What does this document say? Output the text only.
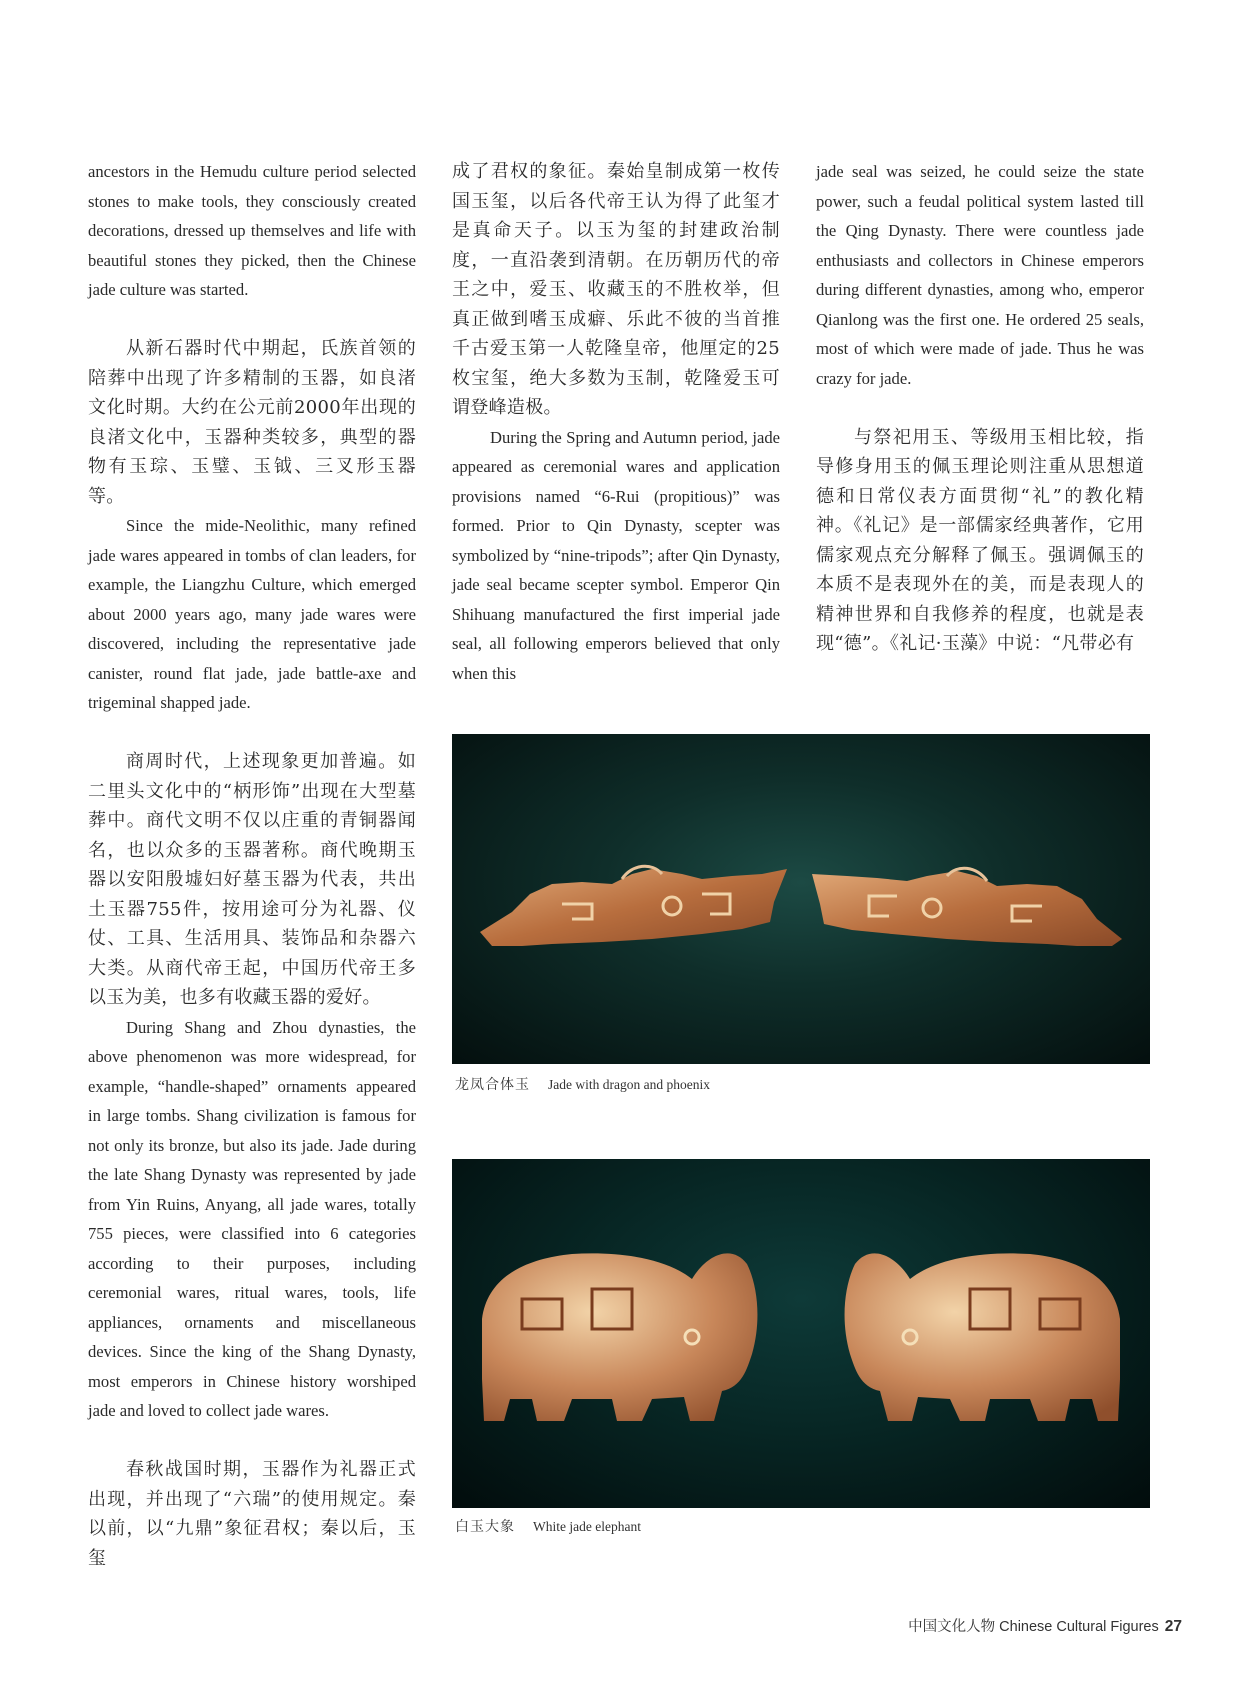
ancestors in the Hemudu culture period selected stones to make tools, they consciously created decorations, dressed up themselves and life with beautiful stones they picked, then the Chinese jade culture was started.

从新石器时代中期起，氏族首领的陪葬中出现了许多精制的玉器，如良渚文化时期。大约在公元前2000年出现的良渚文化中，玉器种类较多，典型的器物有玉琮、玉璧、玉钺、三叉形玉器等。

Since the mide-Neolithic, many refined jade wares appeared in tombs of clan leaders, for example, the Liangzhu Culture, which emerged about 2000 years ago, many jade wares were discovered, including the representative jade canister, round flat jade, jade battle-axe and trigeminal shapped jade.

商周时代，上述现象更加普遍。如二里头文化中的“柄形饰”出现在大型墓葬中。商代文明不仅以庄重的青铜器闻名，也以众多的玉器著称。商代晚期玉器以安阳殷墟妇好墓玉器为代表，共出土玉器755件，按用途可分为礼器、仪仗、工具、生活用具、装饰品和杂器六大类。从商代帝王起，中国历代帝王多以玉为美，也多有收藏玉器的爱好。

During Shang and Zhou dynasties, the above phenomenon was more widespread, for example, “handle-shaped” ornaments appeared in large tombs. Shang civilization is famous for not only its bronze, but also its jade. Jade during the late Shang Dynasty was represented by jade from Yin Ruins, Anyang, all jade wares, totally 755 pieces, were classified into 6 categories according to their purposes, including ceremonial wares, ritual wares, tools, life appliances, ornaments and miscellaneous devices. Since the king of the Shang Dynasty, most emperors in Chinese history worshiped jade and loved to collect jade wares.

春秋战国时期，玉器作为礼器正式出现，并出现了“六瑞”的使用规定。秦以前，以“九鼎”象征君权；秦以后，玉玺

成了君权的象征。秦始皇制成第一枚传国玉玺，以后各代帝王认为得了此玺才是真命天子。以玉为玺的封建政治制度，一直沿袭到清朝。在历朝历代的帝王之中，爱玉、收藏玉的不胜枚举，但真正做到嗜玉成癖、乐此不彼的当首推千古爱玉第一人乾隆皇帝，他厘定的25枚宝玺，绝大多数为玉制，乾隆爱玉可谓登峰造极。

During the Spring and Autumn period, jade appeared as ceremonial wares and application provisions named “6-Rui (propitious)” was formed. Prior to Qin Dynasty, scepter was symbolized by “nine-tripods”; after Qin Dynasty, jade seal became scepter symbol. Emperor Qin Shihuang manufactured the first imperial jade seal, all following emperors believed that only when this

jade seal was seized, he could seize the state power, such a feudal political system lasted till the Qing Dynasty. There were countless jade enthusiasts and collectors in Chinese emperors during different dynasties, among who, emperor Qianlong was the first one. He ordered 25 seals, most of which were made of jade. Thus he was crazy for jade.

与祭祀用玉、等级用玉相比较，指导修身用玉的佩玉理论则注重从思想道德和日常仪表方面贯彻“礼”的教化精神。《礼记》是一部儒家经典著作，它用儒家观点充分解释了佩玉。强调佩玉的本质不是表现外在的美，而是表现人的精神世界和自我修养的程度，也就是表现“德”。《礼记·玉藻》中说：“凡带必有

龙凤合体玉 Jade with dragon and phoenix
白玉大象 White jade elephant
中国文化人物 Chinese Cultural Figures 27
